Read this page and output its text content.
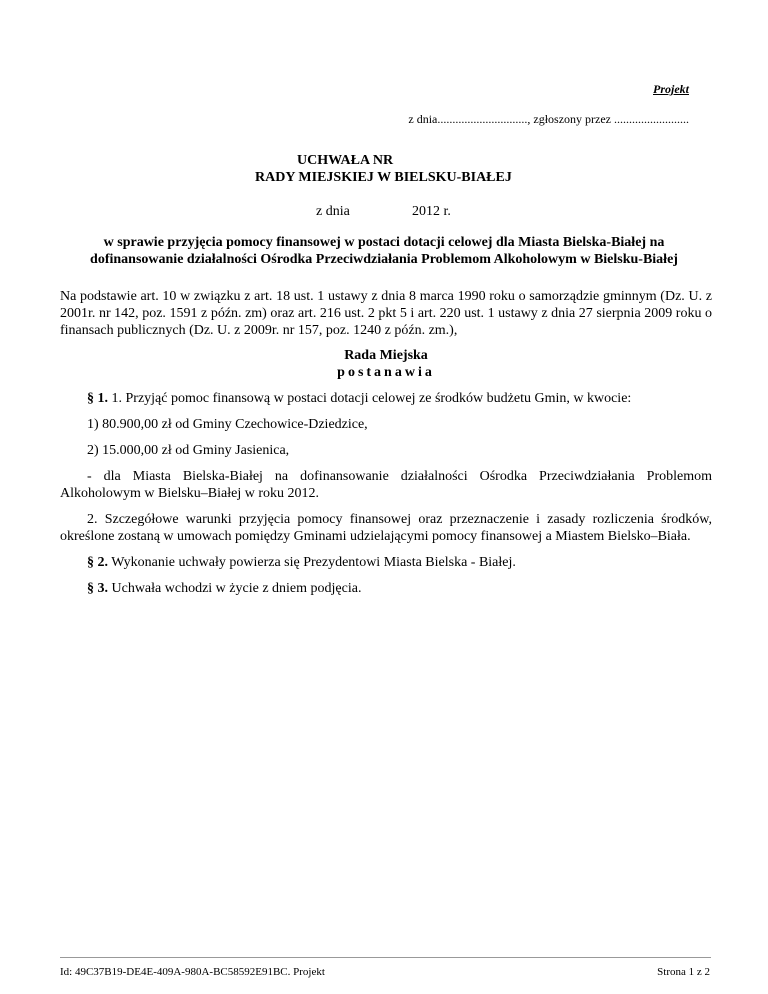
Projekt
z dnia.............................., zgłoszony przez .........................
UCHWAŁA NR
RADY MIEJSKIEJ W BIELSKU-BIAŁEJ
z dnia	2012 r.
w sprawie przyjęcia pomocy finansowej w postaci dotacji celowej dla Miasta Bielska-Białej na dofinansowanie działalności Ośrodka Przeciwdziałania Problemom Alkoholowym w Bielsku-Białej

Na podstawie art. 10 w związku z art. 18 ust. 1 ustawy z dnia 8 marca 1990 roku o samorządzie gminnym (Dz. U. z 2001r. nr 142, poz. 1591 z późn. zm) oraz art. 216 ust. 2 pkt 5 i art. 220 ust. 1 ustawy z dnia 27 sierpnia 2009 roku o finansach publicznych (Dz. U. z 2009r. nr 157, poz. 1240 z późn. zm.),

Rada Miejska
postanawia

§ 1. 1. Przyjąć pomoc finansową w postaci dotacji celowej ze środków budżetu Gmin, w kwocie:

1) 80.900,00 zł od Gminy Czechowice-Dziedzice,

2) 15.000,00 zł od Gminy Jasienica,

- dla Miasta Bielska-Białej na dofinansowanie działalności Ośrodka Przeciwdziałania Problemom Alkoholowym w Bielsku–Białej w roku 2012.

2. Szczegółowe warunki przyjęcia pomocy finansowej oraz przeznaczenie i zasady rozliczenia środków, określone zostaną w umowach pomiędzy Gminami udzielającymi pomocy finansowej a Miastem Bielsko–Biała.

§ 2. Wykonanie uchwały powierza się Prezydentowi Miasta Bielska - Białej.

§ 3. Uchwała wchodzi w życie z dniem podjęcia.

Id: 49C37B19-DE4E-409A-980A-BC58592E91BC. Projekt	Strona 1 z 2
